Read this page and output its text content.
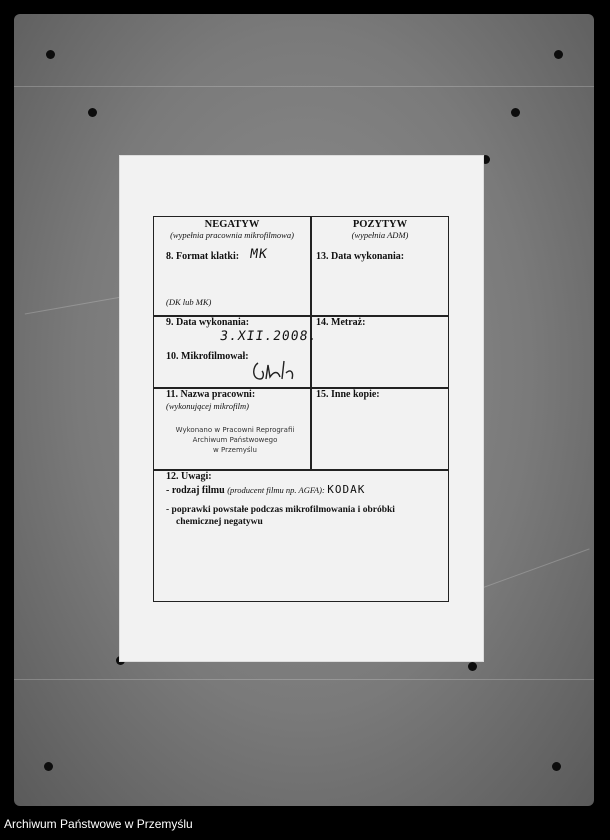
NEGATYW
(wypełnia pracownia mikrofilmowa)
8. Format klatki: MK
(DK lub MK)
POZYTYW
(wypełnia ADM)
13. Data wykonania:
9. Data wykonania:
3.XII.2008.
10. Mikrofilmował:
14. Metraż:
11. Nazwa pracowni:
(wykonującej mikrofilm)
Wykonano w Pracowni Reprografii
Archiwum Państwowego
w Przemyślu
15. Inne kopie:
12. Uwagi:
- rodzaj filmu (producent filmu np. AGFA): KODAK
- poprawki powstałe podczas mikrofilmowania i obróbki
chemicznej negatywu
Archiwum Państwowe w Przemyślu
